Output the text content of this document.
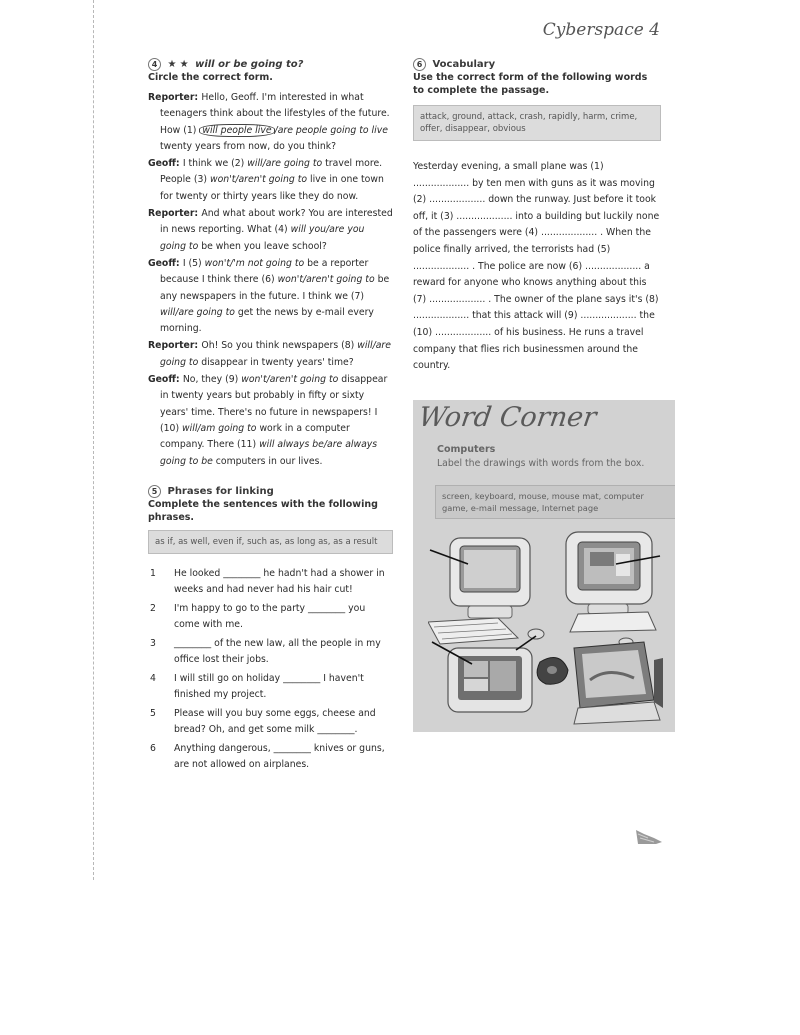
Cyberspace 4
4 ★ ★ will or be going to?
Circle the correct form.

Reporter: Hello, Geoff. I'm interested in what teenagers think about the lifestyles of the future. How (1) will people live /are people going to live twenty years from now, do you think?

Geoff: I think we (2) will/are going to travel more. People (3) won't/aren't going to live in one town for twenty or thirty years like they do now.

Reporter: And what about work? You are interested in news reporting. What (4) will you/are you going to be when you leave school?

Geoff: I (5) won't/'m not going to be a reporter because I think there (6) won't/aren't going to be any newspapers in the future. I think we (7) will/are going to get the news by e-mail every morning.

Reporter: Oh! So you think newspapers (8) will/are going to disappear in twenty years' time?

Geoff: No, they (9) won't/aren't going to disappear in twenty years but probably in fifty or sixty years' time. There's no future in newspapers! I (10) will/am going to work in a computer company. There (11) will always be/are always going to be computers in our lives.

5 Phrases for linking
Complete the sentences with the following phrases.
as if, as well, even if, such as, as long as, as a result
1 He looked ________ he hadn't had a shower in weeks and had never had his hair cut!
2 I'm happy to go to the party ________ you come with me.
3 ________ of the new law, all the people in my office lost their jobs.
4 I will still go on holiday ________ I haven't finished my project.
5 Please will you buy some eggs, cheese and bread? Oh, and get some milk ________.
6 Anything dangerous, ________ knives or guns, are not allowed on airplanes.
6 Vocabulary
Use the correct form of the following words to complete the passage.
attack, ground, attack, crash, rapidly, harm, crime, offer, disappear, obvious
Yesterday evening, a small plane was (1) ................... by ten men with guns as it was moving (2) ................... down the runway. Just before it took off, it (3) ................... into a building but luckily none of the passengers were (4) ................... . When the police finally arrived, the terrorists had (5) ................... . The police are now (6) ................... a reward for anyone who knows anything about this (7) ................... . The owner of the plane says it's (8) ................... that this attack will (9) ................... the (10) ................... of his business. He runs a travel company that flies rich businessmen around the country.
Word Corner
Computers
Label the drawings with words from the box.
screen, keyboard, mouse, mouse mat, computer game, e-mail message, Internet page
